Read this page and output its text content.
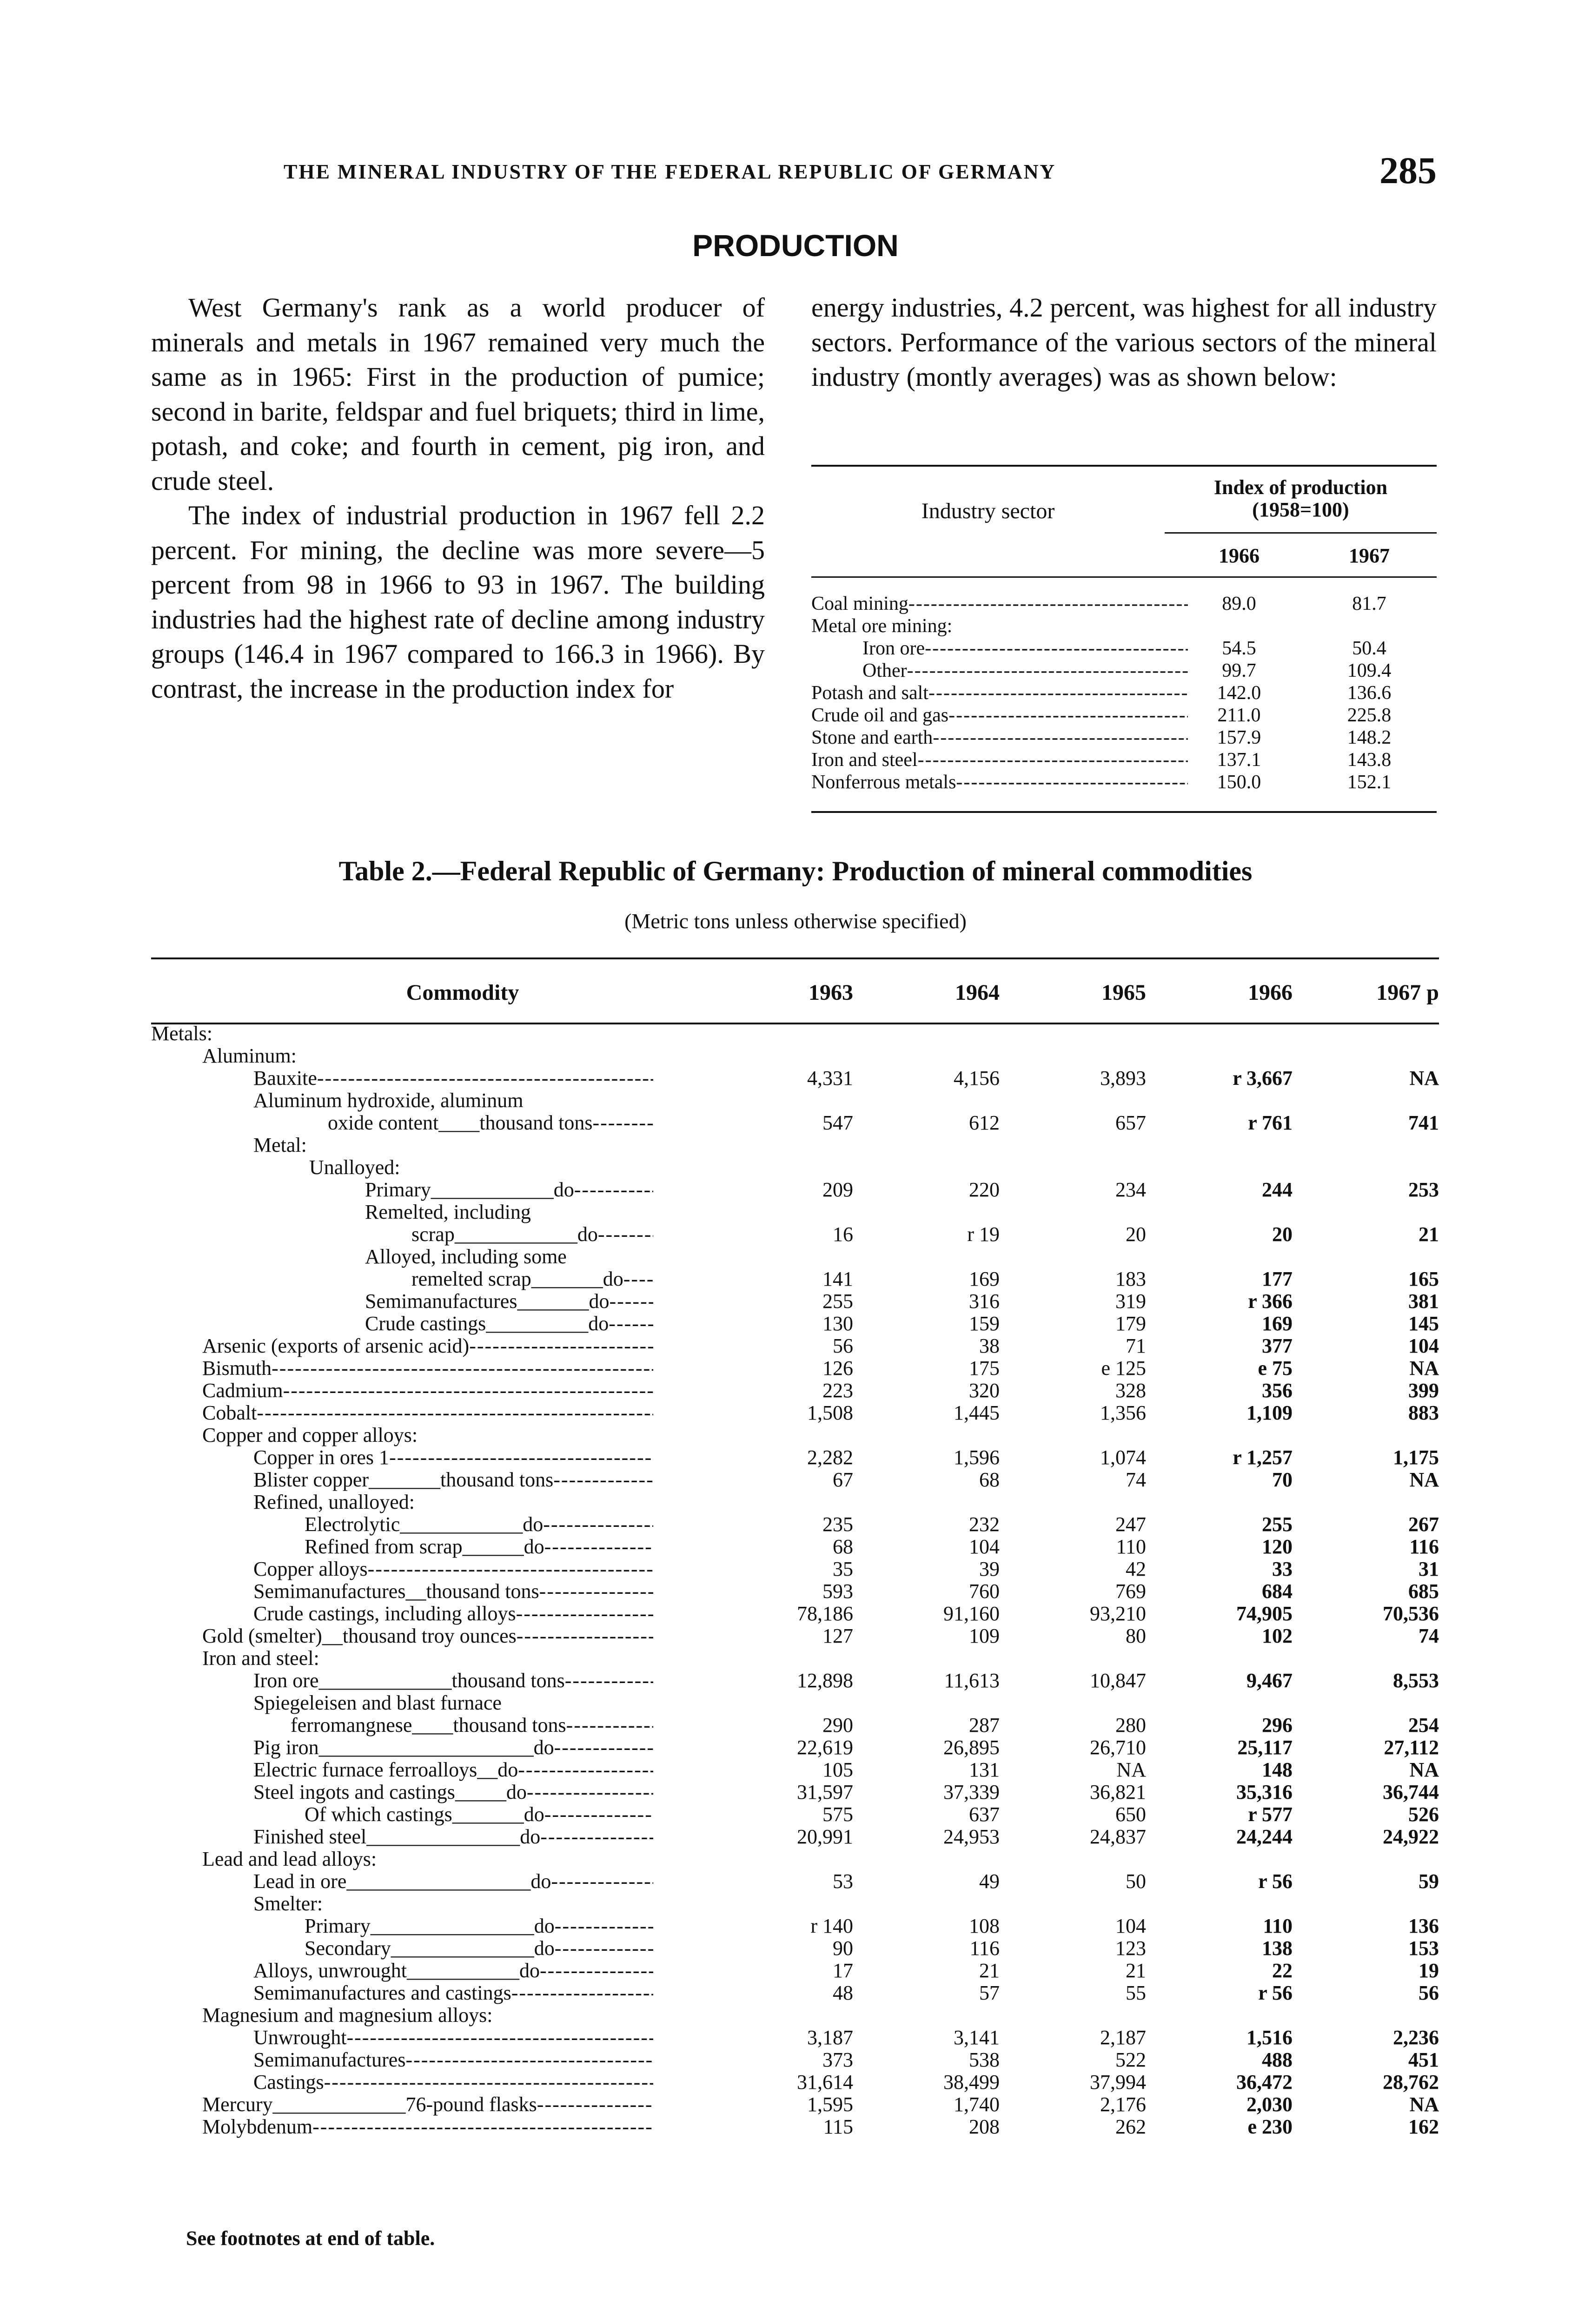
THE MINERAL INDUSTRY OF THE FEDERAL REPUBLIC OF GERMANY	285
PRODUCTION

West Germany's rank as a world producer of minerals and metals in 1967 remained very much the same as in 1965: First in the production of pumice; second in barite, feldspar and fuel briquets; third in lime, potash, and coke; and fourth in cement, pig iron, and crude steel.

The index of industrial production in 1967 fell 2.2 percent. For mining, the decline was more severe—5 percent from 98 in 1966 to 93 in 1967. The building industries had the highest rate of decline among industry groups (146.4 in 1967 compared to 166.3 in 1966). By contrast, the increase in the production index for

energy industries, 4.2 percent, was highest for all industry sectors. Performance of the various sectors of the mineral industry (montly averages) was as shown below:

Industry sector
Index of production
(1958=100)
1966	1967
Coal mining -----	89.0	81.7
Metal ore mining:
Iron ore -----	54.5	50.4
Other -----	99.7	109.4
Potash and salt -----	142.0	136.6
Crude oil and gas -----	211.0	225.8
Stone and earth -----	157.9	148.2
Iron and steel -----	137.1	143.8
Nonferrous metals -----	150.0	152.1
Table 2.—Federal Republic of Germany: Production of mineral commodities
(Metric tons unless otherwise specified)
Commodity	1963	1964	1965	1966	1967 p
Metals:
Aluminum:
Bauxite -----	4,331	4,156	3,893	r 3,667	NA
Aluminum hydroxide, aluminum
oxide content____thousand tons -----	547	612	657	r 761	741
Metal:
Unalloyed:
Primary____________do -----	209	220	234	244	253
Remelted, including
scrap____________do -----	16	r 19	20	20	21
Alloyed, including some
remelted scrap_______do -----	141	169	183	177	165
Semimanufactures_______do -----	255	316	319	r 366	381
Crude castings__________do -----	130	159	179	169	145
Arsenic (exports of arsenic acid) -----	56	38	71	377	104
Bismuth -----	126	175	e 125	e 75	NA
Cadmium -----	223	320	328	356	399
Cobalt -----	1,508	1,445	1,356	1,109	883
Copper and copper alloys:
Copper in ores 1 -----	2,282	1,596	1,074	r 1,257	1,175
Blister copper_______thousand tons -----	67	68	74	70	NA
Refined, unalloyed:
Electrolytic____________do -----	235	232	247	255	267
Refined from scrap______do -----	68	104	110	120	116
Copper alloys -----	35	39	42	33	31
Semimanufactures__thousand tons -----	593	760	769	684	685
Crude castings, including alloys -----	78,186	91,160	93,210	74,905	70,536
Gold (smelter)__thousand troy ounces -----	127	109	80	102	74
Iron and steel:
Iron ore_____________thousand tons -----	12,898	11,613	10,847	9,467	8,553
Spiegeleisen and blast furnace
ferromangnese____thousand tons -----	290	287	280	296	254
Pig iron_____________________do -----	22,619	26,895	26,710	25,117	27,112
Electric furnace ferroalloys__do -----	105	131	NA	148	NA
Steel ingots and castings_____do -----	31,597	37,339	36,821	35,316	36,744
Of which castings_______do -----	575	637	650	r 577	526
Finished steel_______________do -----	20,991	24,953	24,837	24,244	24,922
Lead and lead alloys:
Lead in ore__________________do -----	53	49	50	r 56	59
Smelter:
Primary________________do -----	r 140	108	104	110	136
Secondary______________do -----	90	116	123	138	153
Alloys, unwrought___________do -----	17	21	21	22	19
Semimanufactures and castings -----	48	57	55	r 56	56
Magnesium and magnesium alloys:
Unwrought -----	3,187	3,141	2,187	1,516	2,236
Semimanufactures -----	373	538	522	488	451
Castings -----	31,614	38,499	37,994	36,472	28,762
Mercury_____________76-pound flasks -----	1,595	1,740	2,176	2,030	NA
Molybdenum -----	115	208	262	e 230	162
See footnotes at end of table.
